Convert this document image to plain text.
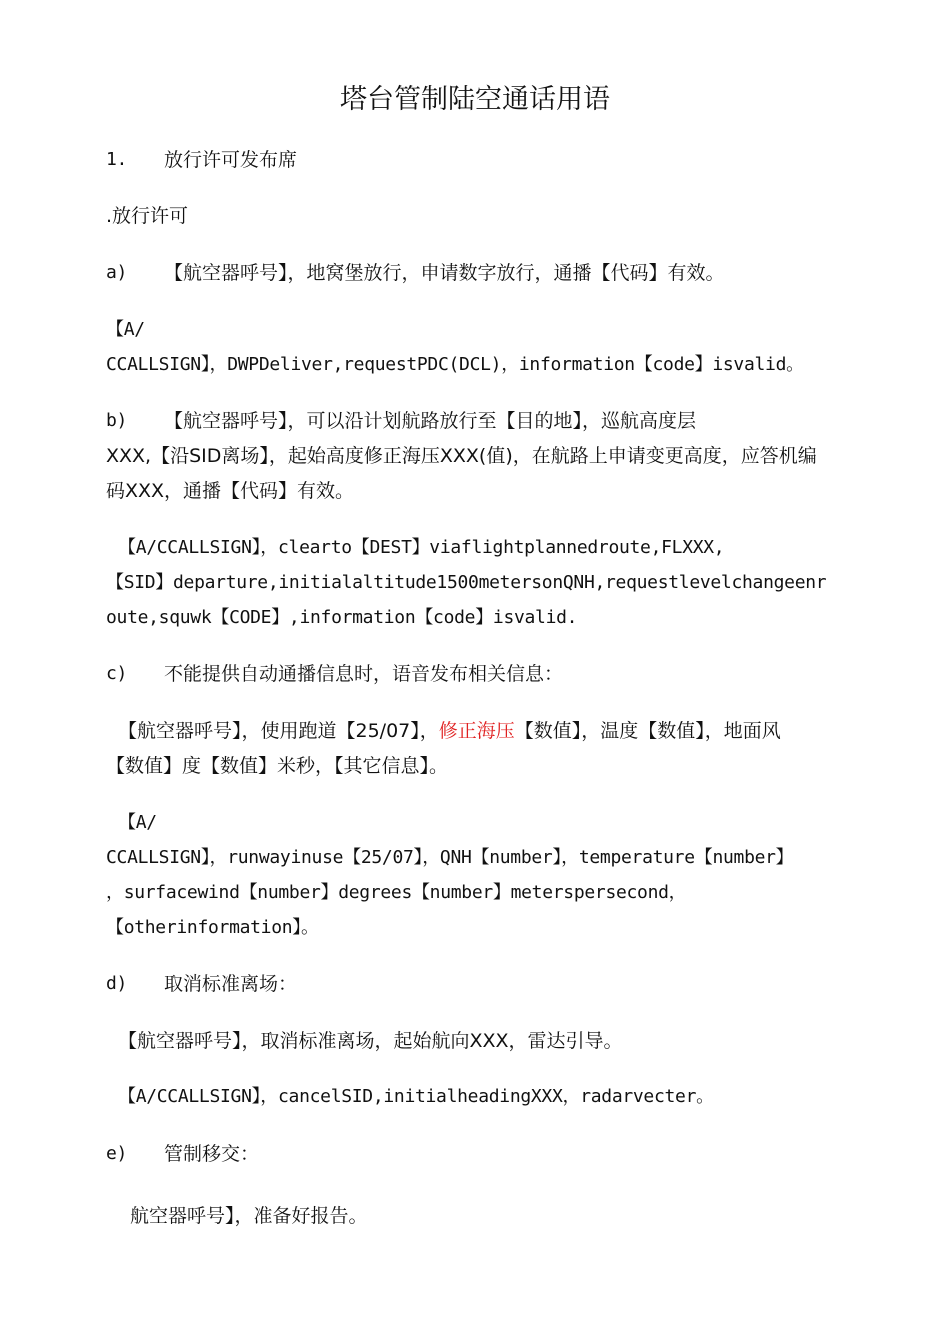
塔台管制陆空通话用语
1. 放行许可发布席
.放行许可
a) 【航空器呼号】，地窝堡放行，申请数字放行，通播【代码】有效。
【A/
CCALLSIGN】，DWPDeliver,requestPDC(DCL)，information【code】isvalid。
b) 【航空器呼号】，可以沿计划航路放行至【目的地】，巡航高度层
XXX,【沿SID离场】，起始高度修正海压XXX(值)，在航路上申请变更高度，应答机编
码XXX，通播【代码】有效。
【A/CCALLSIGN】，clearto【DEST】viaflightplannedroute,FLXXX,
【SID】departure,initialaltitude1500metersonQNH,requestlevelchangeenr
oute,squwk【CODE】,information【code】isvalid.
c) 不能提供自动通播信息时，语音发布相关信息：
【航空器呼号】，使用跑道【25/07】，修正海压【数值】，温度【数值】，地面风
【数值】度【数值】米秒，【其它信息】。
【A/
CCALLSIGN】，runwayinuse【25/07】，QNH【number】，temperature【number】
，surfacewind【number】degrees【number】meterspersecond，
【otherinformation】。
d) 取消标准离场：
【航空器呼号】，取消标准离场，起始航向XXX，雷达引导。
【A/CCALLSIGN】，cancelSID,initialheadingXXX，radarvecter。
e) 管制移交：
航空器呼号】，准备好报告。
